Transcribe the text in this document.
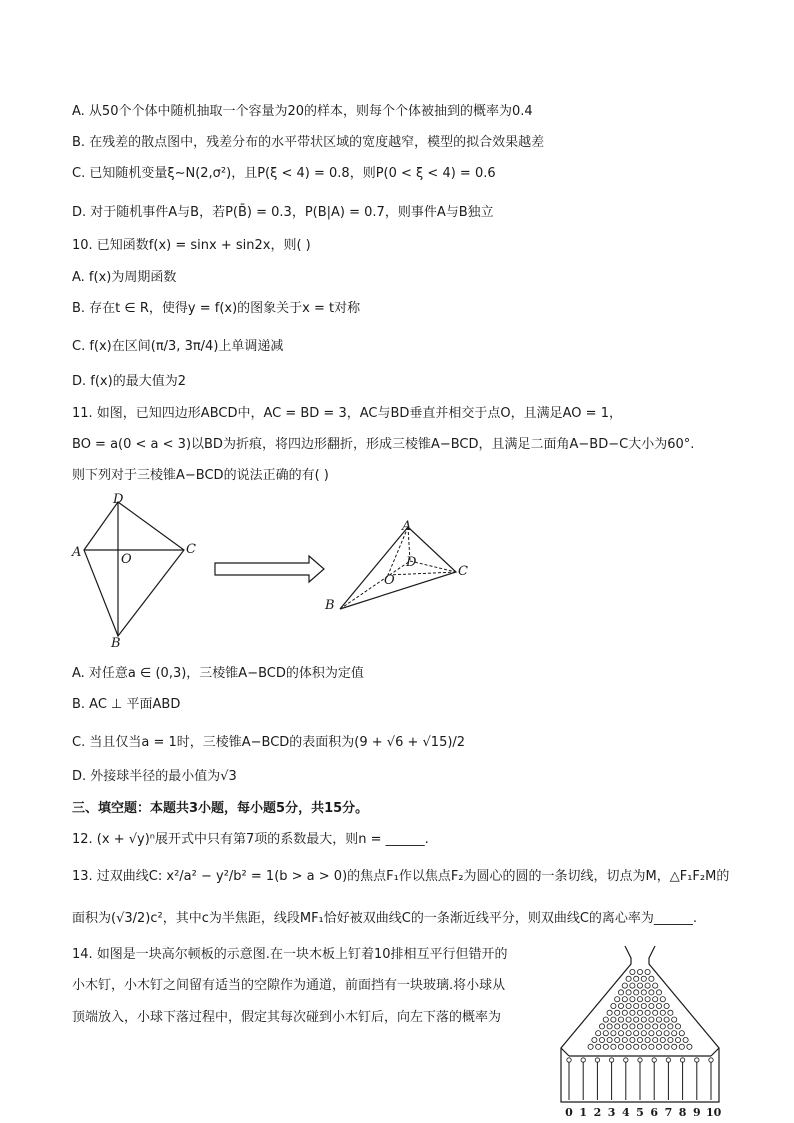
A. 从50个个体中随机抽取一个容量为20的样本，则每个个体被抽到的概率为0.4
B. 在残差的散点图中，残差分布的水平带状区域的宽度越窄，模型的拟合效果越差
C. 已知随机变量ξ∼N(2,σ²)，且P(ξ < 4) = 0.8，则P(0 < ξ < 4) = 0.6
D. 对于随机事件A与B，若P(B̄) = 0.3，P(B|A) = 0.7，则事件A与B独立
10. 已知函数f(x) = sinx + sin2x，则( )
A. f(x)为周期函数
B. 存在t ∈ R，使得y = f(x)的图象关于x = t对称
C. f(x)在区间(π/3, 3π/4)上单调递减
D. f(x)的最大值为2
11. 如图，已知四边形ABCD中，AC = BD = 3，AC与BD垂直并相交于点O，且满足AO = 1，
BO = a(0 < a < 3)以BD为折痕，将四边形翻折，形成三棱锥A−BCD，且满足二面角A−BD−C大小为60°.
则下列对于三棱锥A−BCD的说法正确的有( )
D
A	C
O
B
A
D
O
C
B
A. 对任意a ∈ (0,3)，三棱锥A−BCD的体积为定值
B. AC ⊥ 平面ABD
C. 当且仅当a = 1时，三棱锥A−BCD的表面积为(9 + √6 + √15)/2
D. 外接球半径的最小值为√3
三、填空题：本题共3小题，每小题5分，共15分。
12. (x + √y)ⁿ展开式中只有第7项的系数最大，则n = ______.
13. 过双曲线C: x²/a² − y²/b² = 1(b > a > 0)的焦点F₁作以焦点F₂为圆心的圆的一条切线，切点为M，△F₁F₂M的
面积为(√3/2)c²，其中c为半焦距，线段MF₁恰好被双曲线C的一条渐近线平分，则双曲线C的离心率为______.
14. 如图是一块高尔顿板的示意图.在一块木板上钉着10排相互平行但错开的
小木钉，小木钉之间留有适当的空隙作为通道，前面挡有一块玻璃.将小球从
顶端放入，小球下落过程中，假定其每次碰到小木钉后，向左下落的概率为
0 1 2 3 4 5 6 7 8 9 10
